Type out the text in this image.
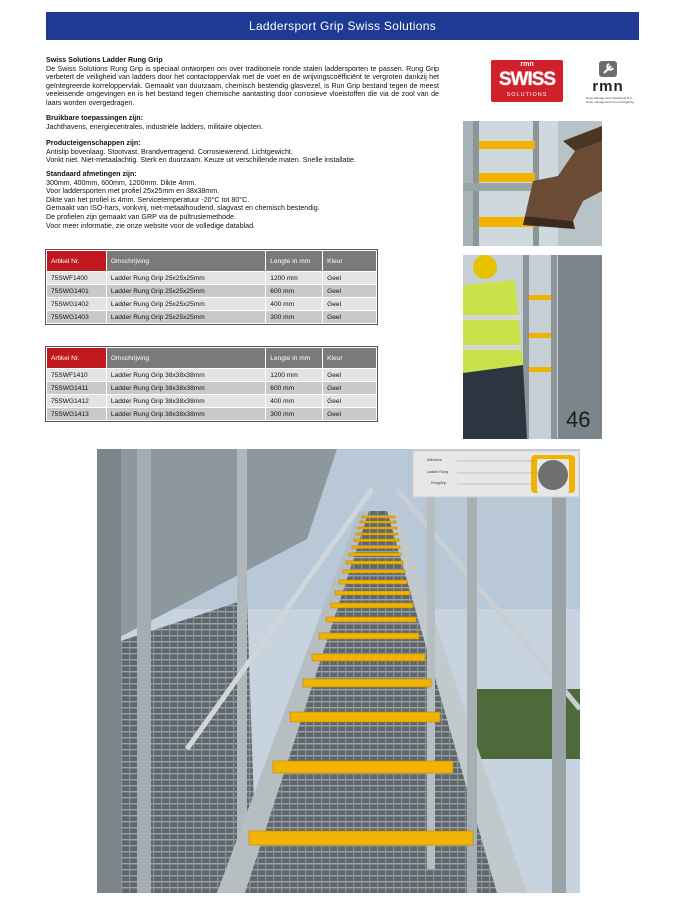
Laddersport Grip Swiss Solutions

Swiss Solutions Ladder Rung Grip

De Swiss Solutions Rung Grip is speciaal ontworpen om over traditionele ronde stalen laddersporten te passen. Rung Grip verbetert de veiligheid van ladders door het contactoppervlak met de voet en de wrijvingscoëfficiënt te vergroten dankzij het geïntegreerde korreloppervlak. Gemaakt van duurzaam, chemisch bestendig glasvezel, is Run Grip bestand tegen de meest veeleisende omgevingen en is het bestand tegen chemische aantasting door corrosieve vloeistoffen die via de zool van de laars worden overgedragen.

Bruikbare toepassingen zijn:

Jachthavens, energiecentrales, industriële ladders, militaire objecten.

Producteigenschappen zijn:

Antislip bovenlaag. Stootvast. Brandvertragend. Corrosiewerend. Lichtgewicht.

Vonkt niet. Niet-metaalachtig. Sterk en duurzaam. Keuze uit verschillende maten. Snelle installatie.

Standaard afmetingen zijn:

300mm, 400mm, 600mm, 1200mm. Dikte 4mm.

Voor laddersporten met profiel 25x25mm en 38x38mm.

Dikte van het profiel is 4mm. Servicetemperatuur -20°C tot 80°C.

Gemaakt van ISO-hars, vonkvrij, niet-metaalhoudend, slagvast en chemisch bestendig.

De profielen zijn gemaakt van GRP via de pultrusiemethode.

Voor meer informatie, zie onze website voor de volledige datablad.

rmn
SWISS
SOLUTIONS	rmn
Rope Management Nederland B.V.
Rope management from Firefighting
46
Artikel Nr.	Omschrijving	Lengte in mm	Kleur
75SWF1400	Ladder Rung Grip 25x25x25mm	1200 mm	Geel
75SWG1401	Ladder Rung Grip 25x25x25mm	600 mm	Geel
75SWG1402	Ladder Rung Grip 25x25x25mm	400 mm	Geel
75SWG1403	Ladder Rung Grip 25x25x25mm	300 mm	Geel
Artikel Nr.	Omschrijving	Lengte in mm	Kleur
75SWF1410	Ladder Rung Grip 38x38x38mm	1200 mm	Geel
75SWG1411	Ladder Rung Grip 38x38x38mm	600 mm	Geel
75SWG1412	Ladder Rung Grip 38x38x38mm	400 mm	Geel
75SWG1413	Ladder Rung Grip 38x38x38mm	300 mm	Geel
Adhesive
Ladder Rung
RungGrip
